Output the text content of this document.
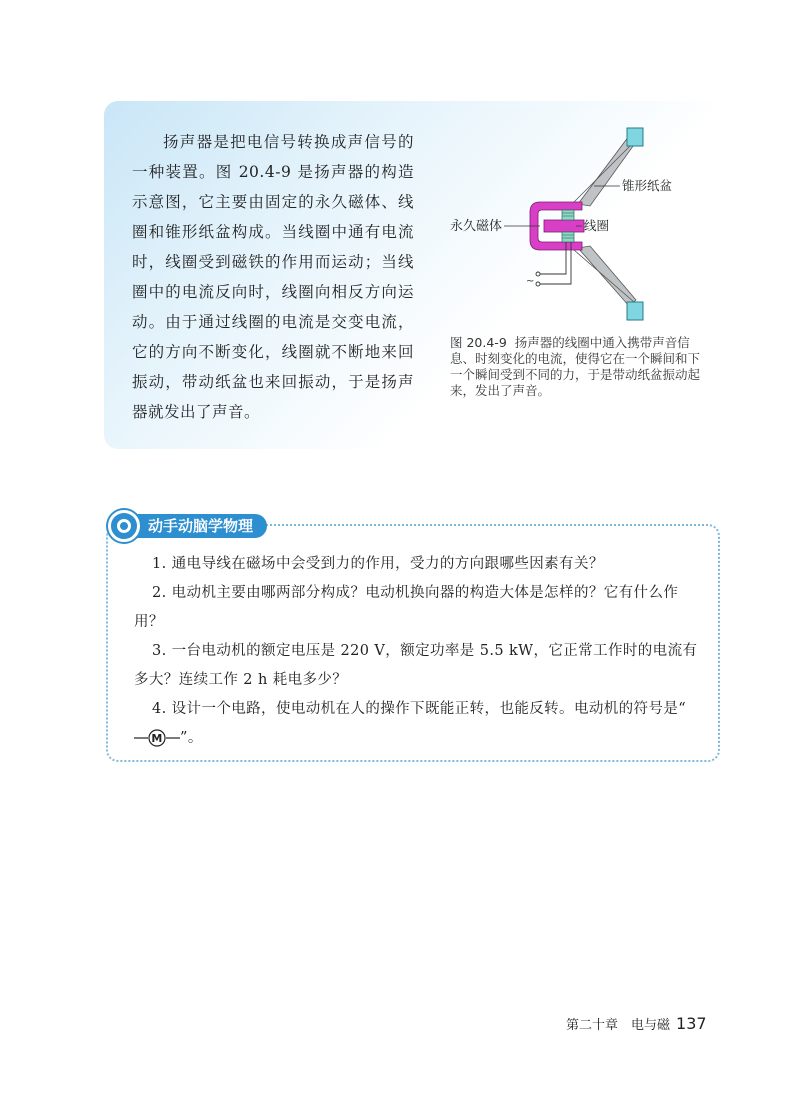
扬声器是把电信号转换成声信号的一种装置。图 20.4-9 是扬声器的构造示意图，它主要由固定的永久磁体、线圈和锥形纸盆构成。当线圈中通有电流时，线圈受到磁铁的作用而运动；当线圈中的电流反向时，线圈向相反方向运动。由于通过线圈的电流是交变电流，它的方向不断变化，线圈就不断地来回振动，带动纸盆也来回振动，于是扬声器就发出了声音。

~
锥形纸盆
永久磁体	线圈

图 20.4-9 扬声器的线圈中通入携带声音信息、时刻变化的电流，使得它在一个瞬间和下一个瞬间受到不同的力，于是带动纸盆振动起来，发出了声音。

动手动脑学物理
1. 通电导线在磁场中会受到力的作用，受力的方向跟哪些因素有关？
2. 电动机主要由哪两部分构成？电动机换向器的构造大体是怎样的？它有什么作用？
3. 一台电动机的额定电压是 220 V，额定功率是 5.5 kW，它正常工作时的电流有多大？连续工作 2 h 耗电多少？
4. 设计一个电路，使电动机在人的操作下既能正转，也能反转。电动机的符号是“
M ”。
第二十章　电与磁 137
